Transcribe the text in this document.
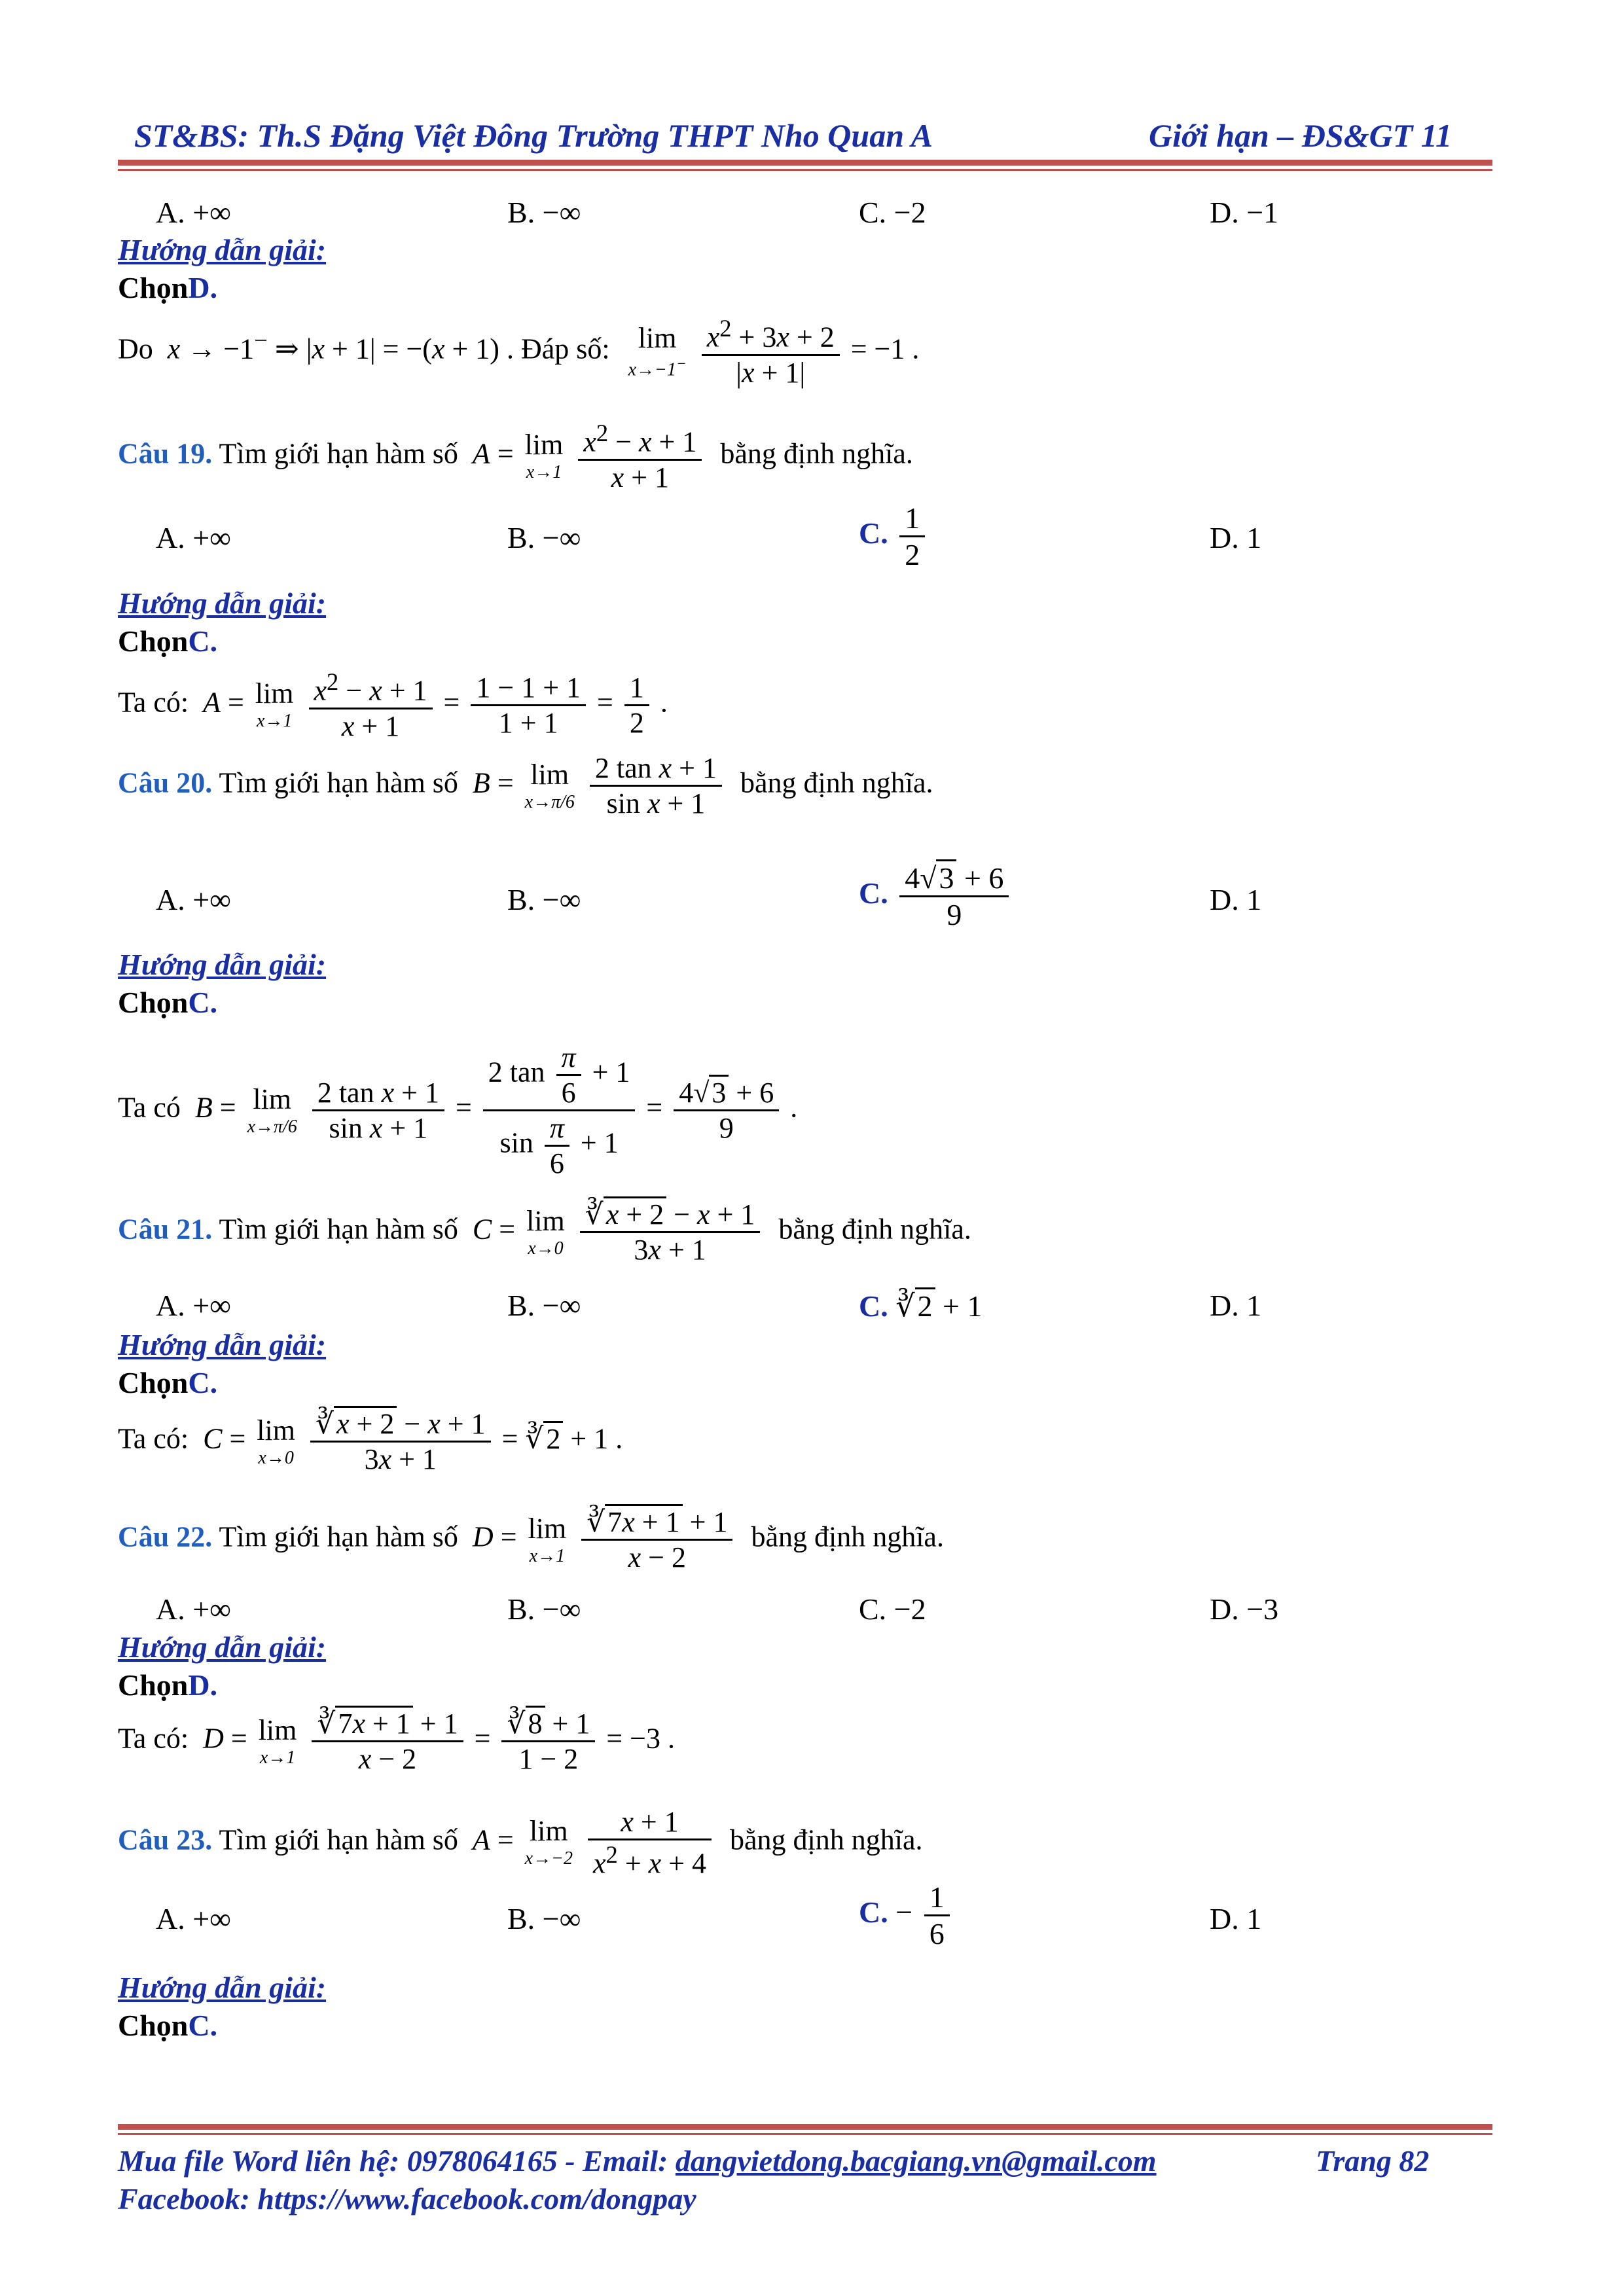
ST&BS: Th.S Đặng Việt Đông Trường THPT Nho Quan A	Giới hạn – ĐS&GT 11
A. +∞	B. −∞	C. −2	D. −1
Hướng dẫn giải:
ChọnD.
Do x → −1− ⇒ |x + 1| = −(x + 1) . Đáp số: lim
x→−1−
$\frac{x^2 + 3x + 2}{|x + 1|} = -1$ .
Câu 19. Tìm giới hạn hàm số A = lim
x→1
$\frac{x^2 - x + 1}{x + 1}$ bằng định nghĩa.
A. +∞	B. −∞	C. $\frac{1}{2}$	D. 1
Hướng dẫn giải:
ChọnC.
Ta có: A = lim
x→1
$\frac{x^2 - x + 1}{x + 1} = \frac{1 - 1 + 1}{1 + 1} = \frac{1}{2}$ .
Câu 20. Tìm giới hạn hàm số B = lim
x→π/6
$\frac{\text{2 tan x + 1}}{\text{sin x + 1}}$ bằng định nghĩa.
A. +∞	B. −∞	C. $\frac{4√3 + 6}{9}$	D. 1
Hướng dẫn giải:
ChọnC.
Ta có B = lim
x→π/6
$\frac{\text{2 tan x + 1}}{\text{sin x + 1}} = \frac{2 \tan \frac{\pi}{6} + 1}{\sin \frac{\pi}{6} + 1} = \frac{4√3 + 6}{9}$ .
Câu 21. Tìm giới hạn hàm số C = lim
x→0
$\frac{∛x + 2 - x + 1}{3x + 1}$ bằng định nghĩa.
A. +∞	B. −∞	C. ∛2 + 1	D. 1
Hướng dẫn giải:
ChọnC.
Ta có: C = lim
x→0
$\frac{∛x + 2 - x + 1}{3x + 1}$ = ∛2 + 1 .
Câu 22. Tìm giới hạn hàm số D = lim
x→1
$\frac{∛7x + 1 + 1}{x - 2}$ bằng định nghĩa.
A. +∞	B. −∞	C. −2	D. −3
Hướng dẫn giải:
ChọnD.
Ta có: D = lim
x→1
$\frac{∛7x + 1 + 1}{x - 2} = \frac{∛8 + 1}{1 - 2} = -3$ .
Câu 23. Tìm giới hạn hàm số A = lim
x→−2
$\frac{x + 1}{x^2 + x + 4}$ bằng định nghĩa.
A. +∞	B. −∞	C. − $\frac{1}{6}$	D. 1
Hướng dẫn giải:
ChọnC.
Mua file Word liên hệ: 0978064165 - Email: dangvietdong.bacgiang.vn@gmail.com	Trang 82
Facebook: https://www.facebook.com/dongpay
